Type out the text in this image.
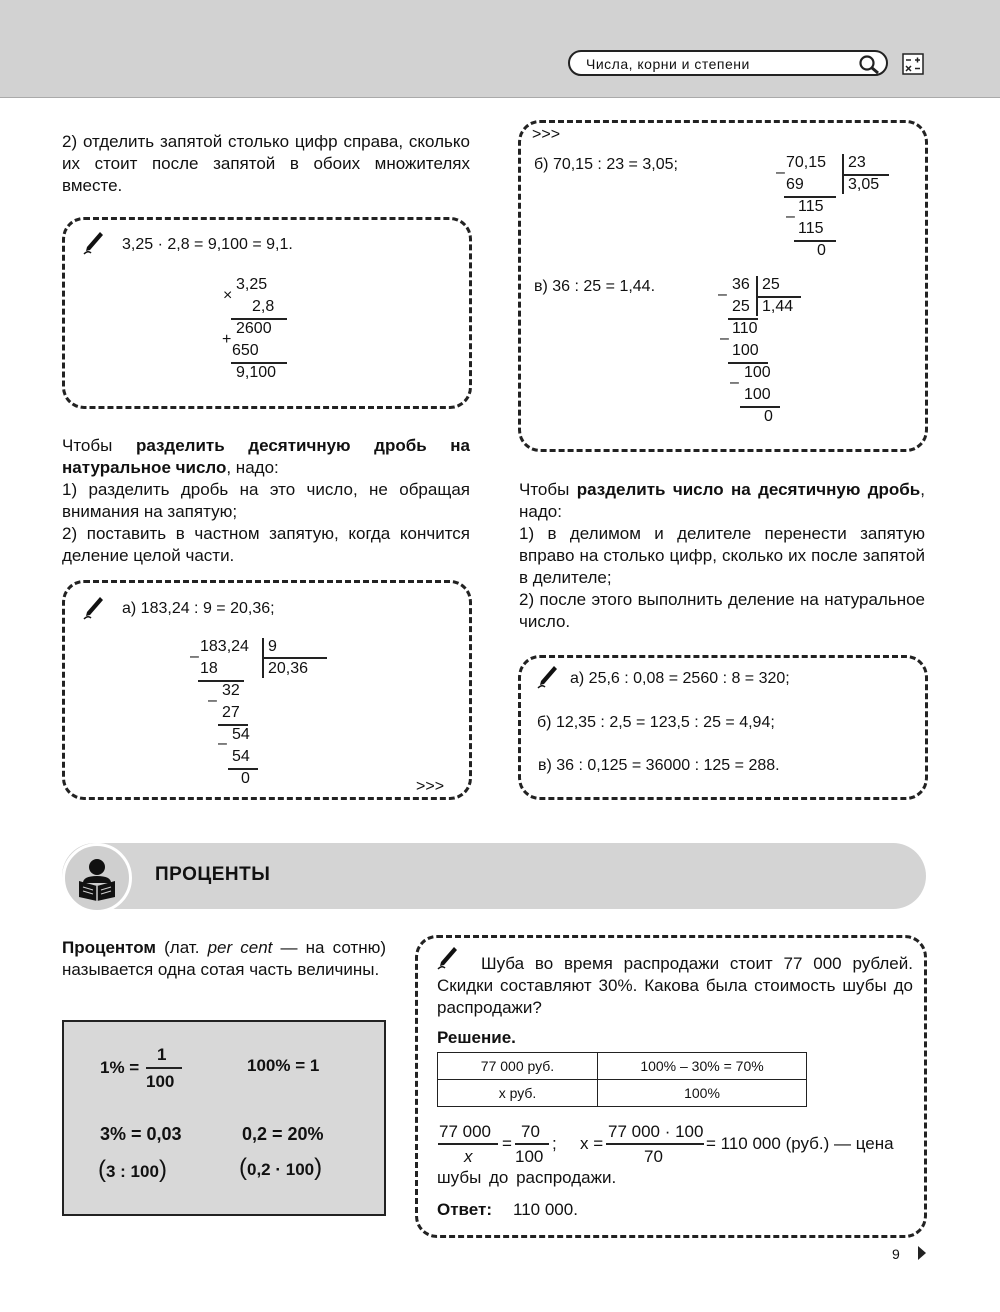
Числа, корни и степени
2) отделить запятой столько цифр справа, сколько их стоит после запятой в обоих множителях вместе.
3,25 · 2,8 = 9,100 = 9,1.
×
3,25
2,8
+
2600
650
9,100
Чтобы разделить десятичную дробь на натуральное число, надо:
1) разделить дробь на это число, не обращая внимания на запятую;
2) поставить в частном запятую, когда кончится деление целой части.
а) 183,24 : 9 = 20,36;
183,24 9
20,36
–
18
–
32
27
–
54
54
0	>>>
>>>
б) 70,15 : 23 = 3,05;	70,15 23
3,05
–
69
–
115
115
0
в) 36 : 25 = 1,44.	36 25
1,44
–
25
–
110
100
–
100
100
0
Чтобы разделить число на десятичную дробь, надо:
1) в делимом и делителе перенести запятую вправо на столько цифр, сколько их после запятой в делителе;
2) после этого выполнить деление на натуральное число.
а) 25,6 : 0,08 = 2560 : 8 = 320;
б) 12,35 : 2,5 = 123,5 : 25 = 4,94;
в) 36 : 0,125 = 36000 : 125 = 288.
ПРОЦЕНТЫ
Процентом (лат. per cent — на сотню) называется одна сотая часть величины.
1% =
1
100
100% = 1
3% = 0,03	0,2 = 20%
(3 : 100)	(0,2 · 100)
Шуба во время распродажи стоит 77 000 рублей. Скидки составляют 30%. Какова была стоимость шубы до распродажи?
Решение.
77 000 руб.	100% – 30% = 70%
x руб.	100%
77 000
x
=
70
100
; x =
77 000 · 100
70
= 110 000 (руб.) — цена
шубы до распродажи.
Ответ: 110 000.
9
